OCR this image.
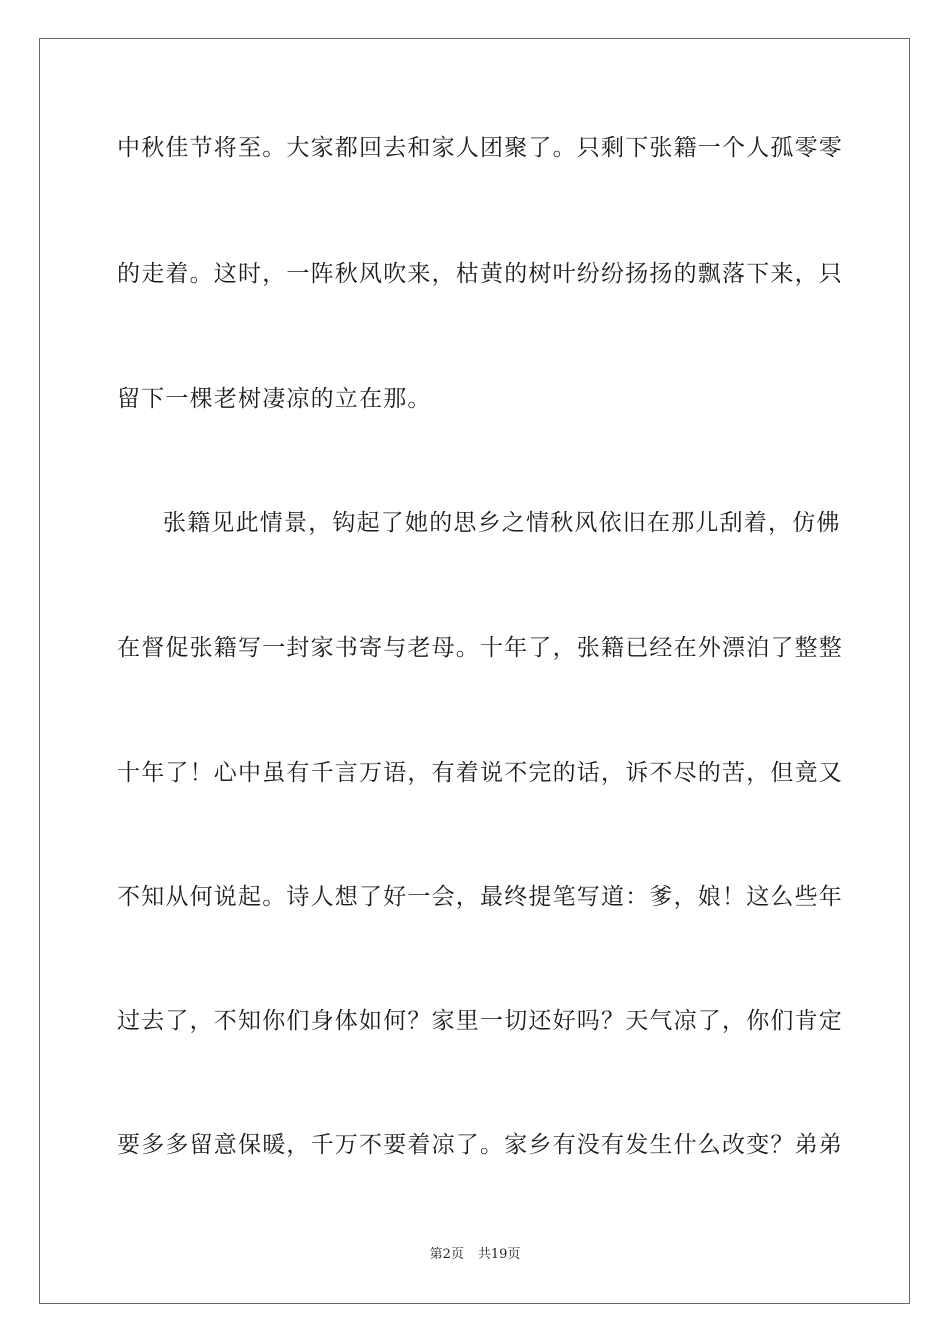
中秋佳节将至。大家都回去和家人团聚了。只剩下张籍一个人孤零零
的走着。这时，一阵秋风吹来，枯黄的树叶纷纷扬扬的飘落下来，只
留下一棵老树凄凉的立在那。
张籍见此情景，钩起了她的思乡之情秋风依旧在那儿刮着，仿佛
在督促张籍写一封家书寄与老母。十年了，张籍已经在外漂泊了整整
十年了！心中虽有千言万语，有着说不完的话，诉不尽的苦，但竟又
不知从何说起。诗人想了好一会，最终提笔写道：爹，娘！这么些年
过去了，不知你们身体如何？家里一切还好吗？天气凉了，你们肯定
要多多留意保暖，千万不要着凉了。家乡有没有发生什么改变？弟弟
第2页 共19页
